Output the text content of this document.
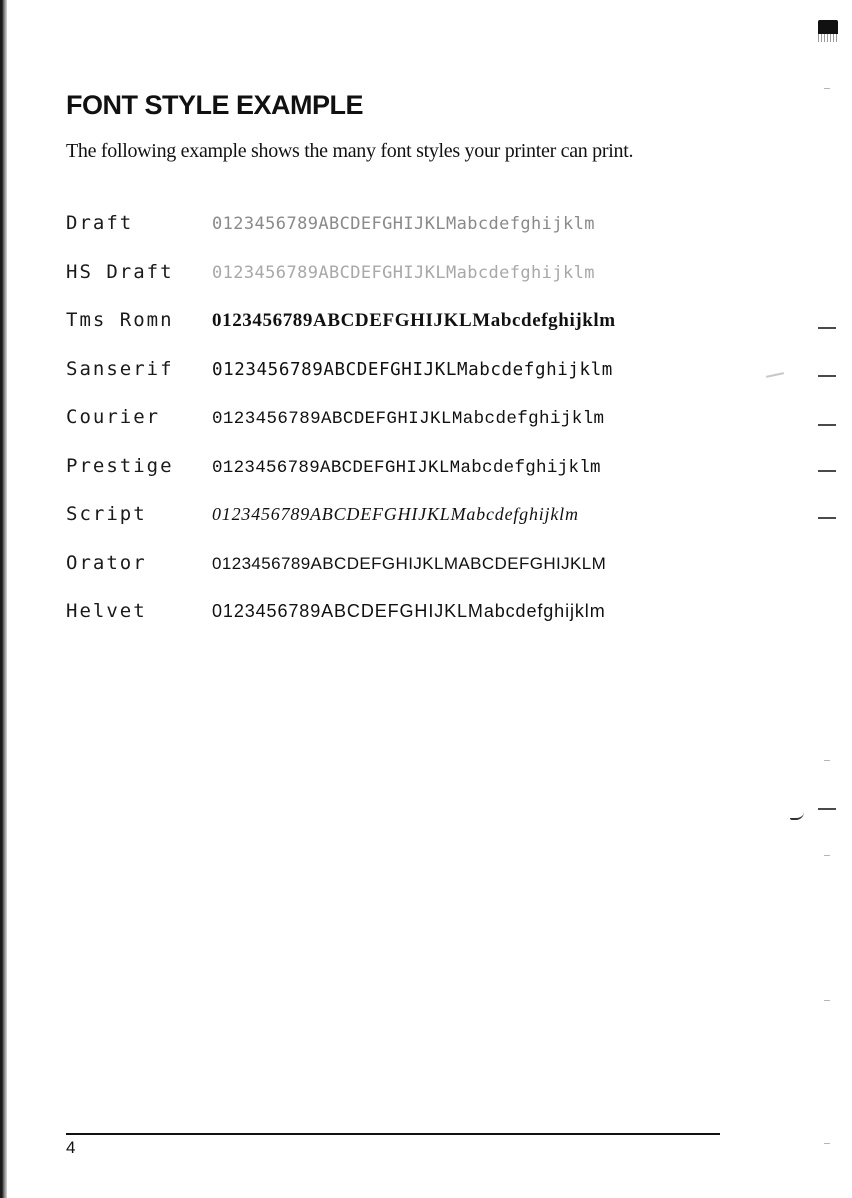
FONT STYLE EXAMPLE

The following example shows the many font styles your printer can print.

Draft	0123456789ABCDEFGHIJKLMabcdefghijklm
HS Draft	0123456789ABCDEFGHIJKLMabcdefghijklm
Tms Romn	0123456789ABCDEFGHIJKLMabcdefghijklm
Sanserif	0123456789ABCDEFGHIJKLMabcdefghijklm
Courier	0123456789ABCDEFGHIJKLMabcdefghijklm
Prestige	0123456789ABCDEFGHIJKLMabcdefghijklm
Script	0123456789ABCDEFGHIJKLMabcdefghijklm
Orator	0123456789ABCDEFGHIJKLMABCDEFGHIJKLM
Helvet	0123456789ABCDEFGHIJKLMabcdefghijklm

4
